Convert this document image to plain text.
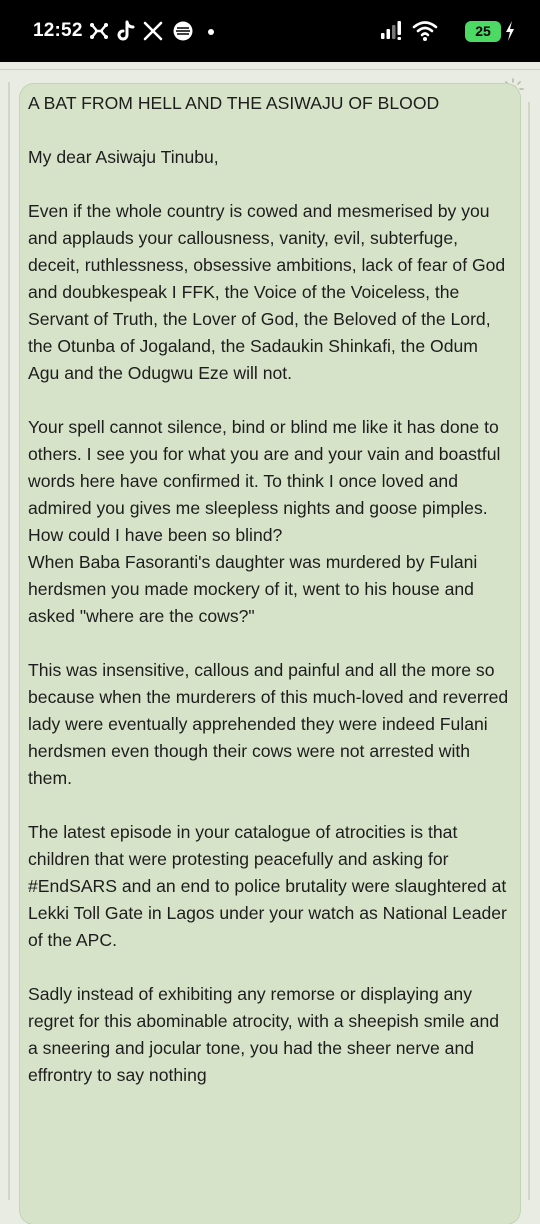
12:52	25

A BAT FROM HELL AND THE ASIWAJU OF BLOOD

My dear Asiwaju Tinubu,

Even if the whole country is cowed and mesmerised by you and applauds your callousness, vanity, evil, subterfuge, deceit, ruthlessness, obsessive ambitions, lack of fear of God and doubkespeak I FFK, the Voice of the Voiceless, the Servant of Truth, the Lover of God, the Beloved of the Lord, the Otunba of Jogaland, the Sadaukin Shinkafi, the Odum Agu and the Odugwu Eze will not.

Your spell cannot silence, bind or blind me like it has done to others. I see you for what you are and your vain and boastful words here have confirmed it. To think I once loved and admired you gives me sleepless nights and goose pimples. How could I have been so blind?

When Baba Fasoranti's daughter was murdered by Fulani herdsmen you made mockery of it, went to his house and asked "where are the cows?"

This was insensitive, callous and painful and all the more so because when the murderers of this much-loved and reverred lady were eventually apprehended they were indeed Fulani herdsmen even though their cows were not arrested with them.

The latest episode in your catalogue of atrocities is that children that were protesting peacefully and asking for #EndSARS and an end to police brutality were slaughtered at Lekki Toll Gate in Lagos under your watch as National Leader of the APC.

Sadly instead of exhibiting any remorse or displaying any regret for this abominable atrocity, with a sheepish smile and a sneering and jocular tone, you had the sheer nerve and effrontry to say nothing
